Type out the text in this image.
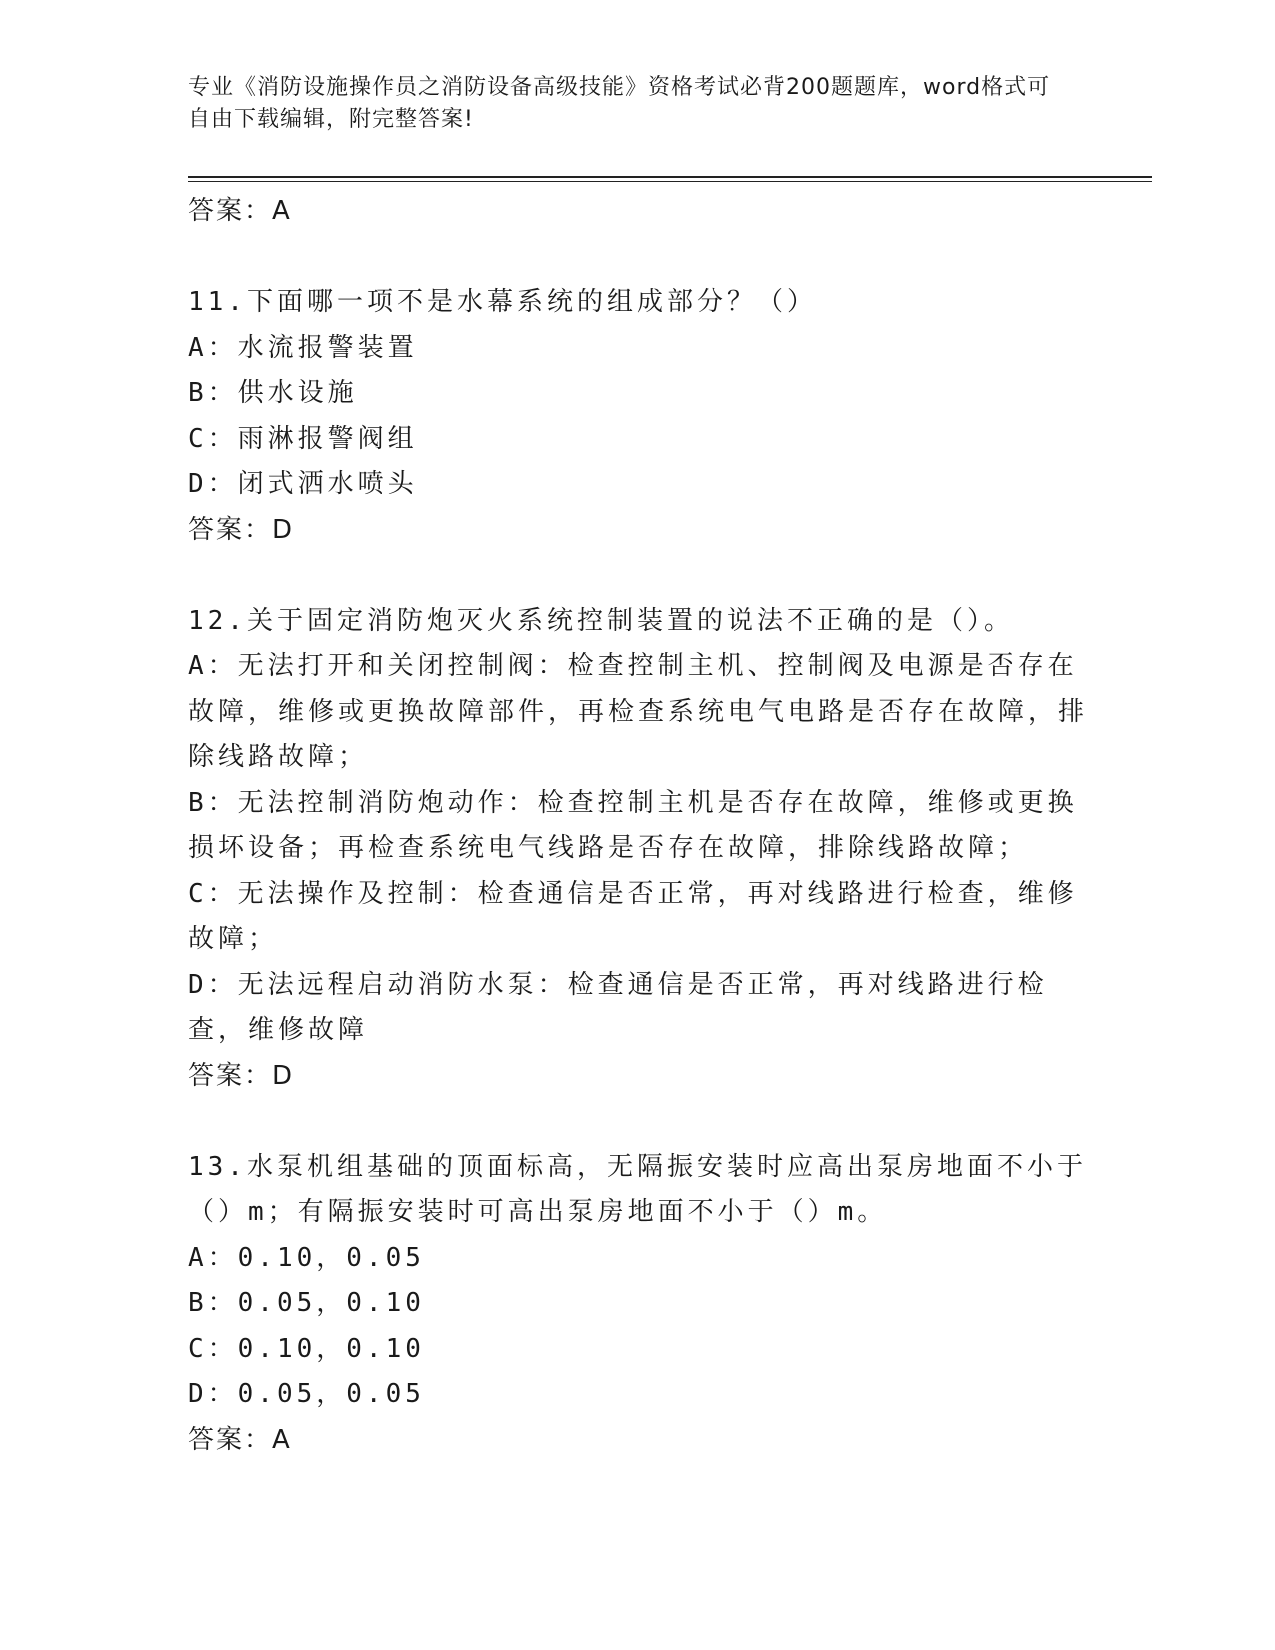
专业《消防设施操作员之消防设备高级技能》资格考试必背200题题库，word格式可自由下载编辑，附完整答案!

答案：A

11.下面哪一项不是水幕系统的组成部分？（）

A：水流报警装置

B：供水设施

C：雨淋报警阀组

D：闭式洒水喷头

答案：D

12.关于固定消防炮灭火系统控制装置的说法不正确的是（）。

A：无法打开和关闭控制阀：检查控制主机、控制阀及电源是否存在故障，维修或更换故障部件，再检查系统电气电路是否存在故障，排除线路故障；

B：无法控制消防炮动作：检查控制主机是否存在故障，维修或更换损坏设备；再检查系统电气线路是否存在故障，排除线路故障；

C：无法操作及控制：检查通信是否正常，再对线路进行检查，维修故障；

D：无法远程启动消防水泵：检查通信是否正常，再对线路进行检查，维修故障

答案：D

13.水泵机组基础的顶面标高，无隔振安装时应高出泵房地面不小于（）m；有隔振安装时可高出泵房地面不小于（）m。

A：0.10，0.05

B：0.05，0.10

C：0.10，0.10

D：0.05，0.05

答案：A
